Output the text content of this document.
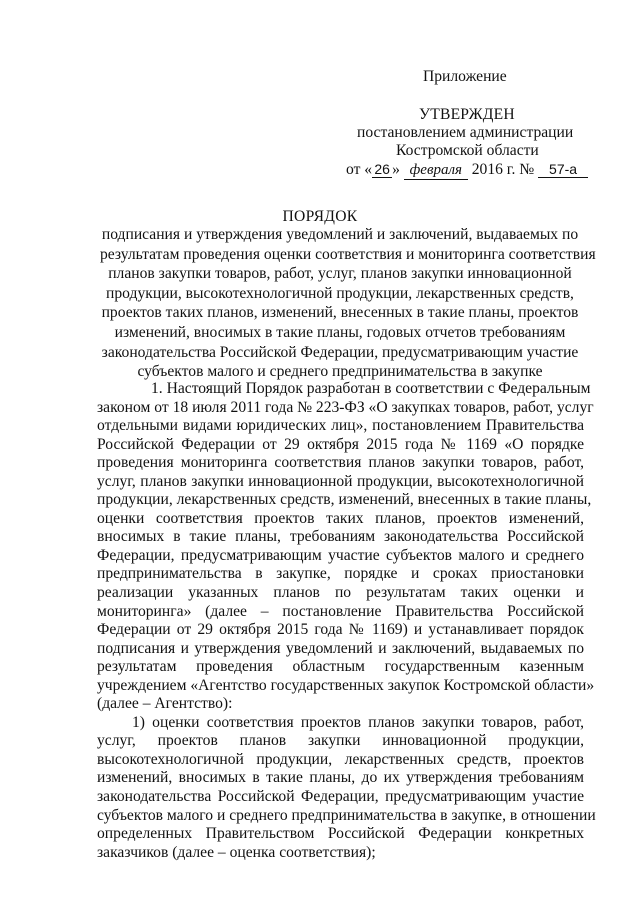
Приложение
УТВЕРЖДЕН
постановлением администрации
Костромской области
от « 26 » февраля 2016 г. № 57-а
ПОРЯДОК
подписания и утверждения уведомлений и заключений, выдаваемых по
результатам проведения оценки соответствия и мониторинга соответствия
планов закупки товаров, работ, услуг, планов закупки инновационной
продукции, высокотехнологичной продукции, лекарственных средств,
проектов таких планов, изменений, внесенных в такие планы, проектов
изменений, вносимых в такие планы, годовых отчетов требованиям
законодательства Российской Федерации, предусматривающим участие
субъектов малого и среднего предпринимательства в закупке
1. Настоящий Порядок разработан в соответствии с Федеральным
законом от 18 июля 2011 года № 223-ФЗ «О закупках товаров, работ, услуг
отдельными видами юридических лиц», постановлением Правительства
Российской Федерации от 29 октября 2015 года № 1169 «О порядке
проведения мониторинга соответствия планов закупки товаров, работ,
услуг, планов закупки инновационной продукции, высокотехнологичной
продукции, лекарственных средств, изменений, внесенных в такие планы,
оценки соответствия проектов таких планов, проектов изменений,
вносимых в такие планы, требованиям законодательства Российской
Федерации, предусматривающим участие субъектов малого и среднего
предпринимательства в закупке, порядке и сроках приостановки
реализации указанных планов по результатам таких оценки и
мониторинга» (далее – постановление Правительства Российской
Федерации от 29 октября 2015 года № 1169) и устанавливает порядок
подписания и утверждения уведомлений и заключений, выдаваемых по
результатам проведения областным государственным казенным
учреждением «Агентство государственных закупок Костромской области»
(далее – Агентство):
1) оценки соответствия проектов планов закупки товаров, работ,
услуг, проектов планов закупки инновационной продукции,
высокотехнологичной продукции, лекарственных средств, проектов
изменений, вносимых в такие планы, до их утверждения требованиям
законодательства Российской Федерации, предусматривающим участие
субъектов малого и среднего предпринимательства в закупке, в отношении
определенных Правительством Российской Федерации конкретных
заказчиков (далее – оценка соответствия);
